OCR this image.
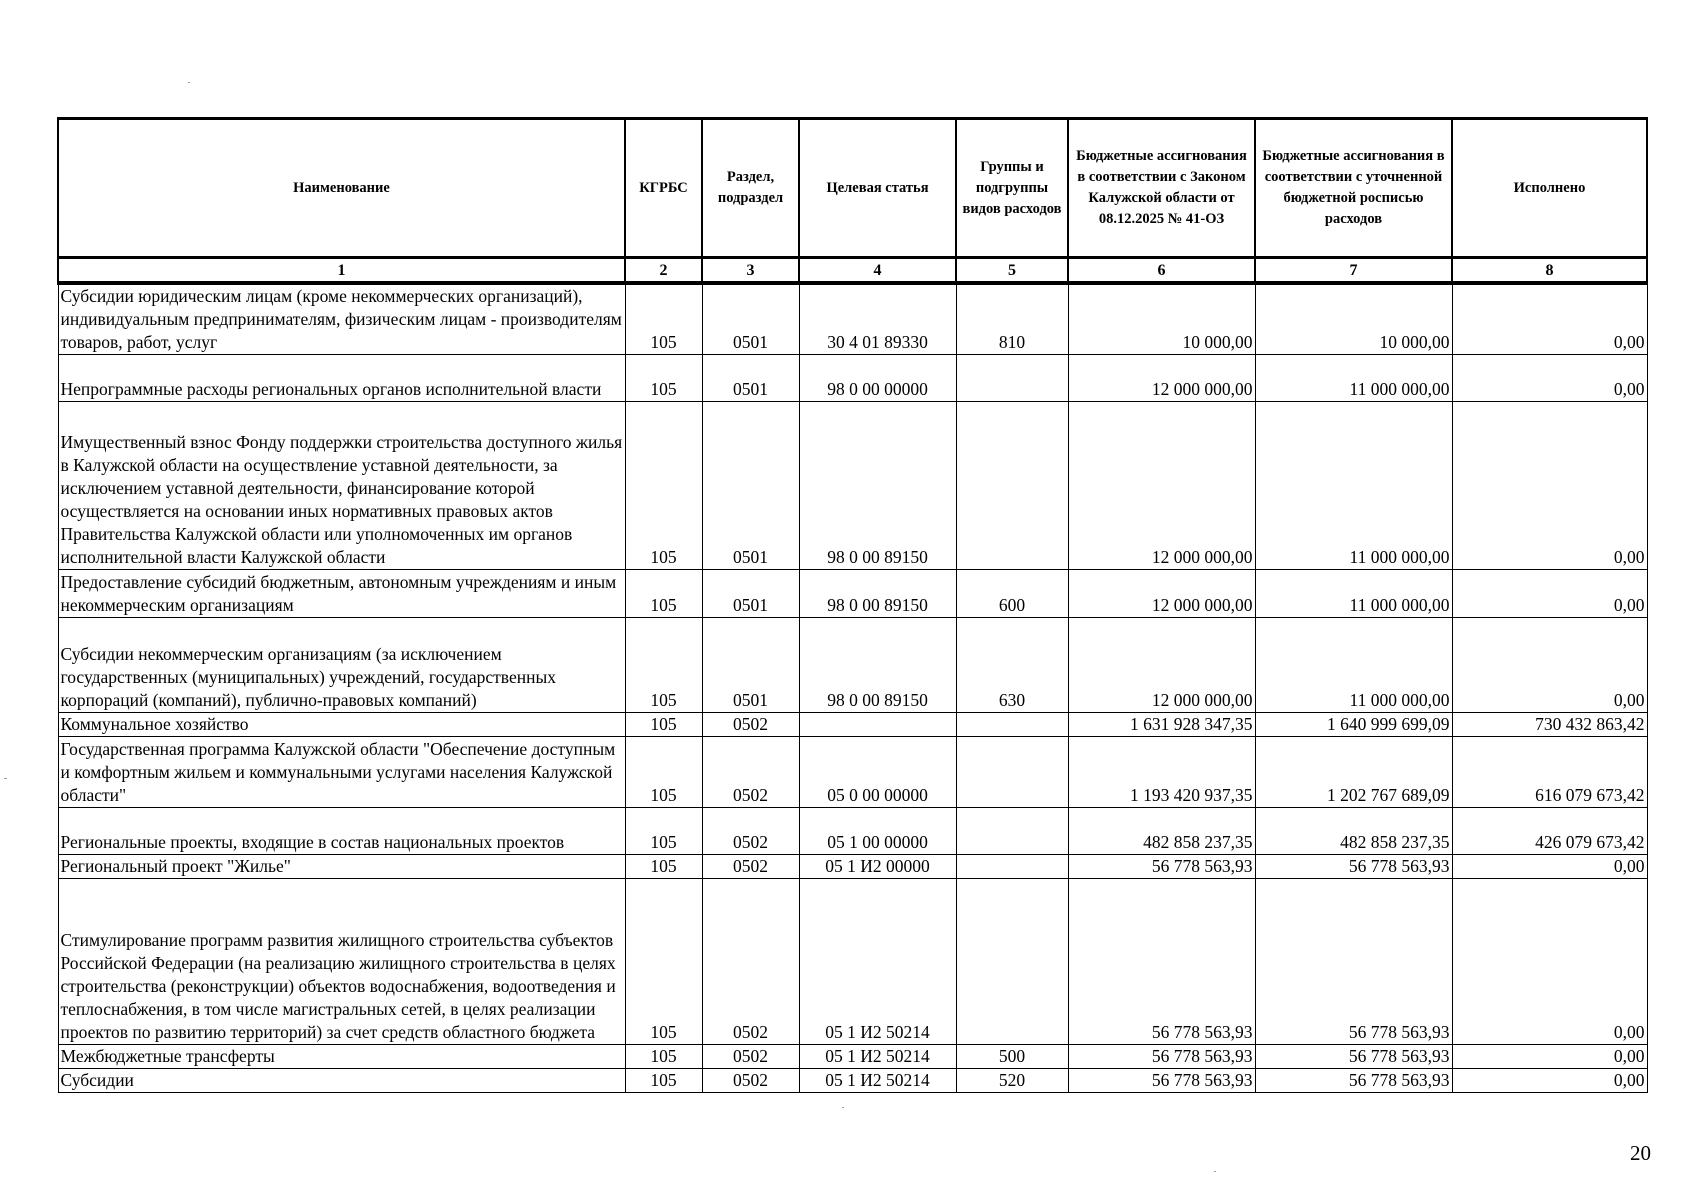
Наименование	КГРБС	Раздел, подраздел	Целевая статья	Группы и подгруппы видов расходов	Бюджетные ассигнования в соответствии с Законом Калужской области от 08.12.2025 № 41-ОЗ	Бюджетные ассигнования в соответствии с уточненной бюджетной росписью расходов	Исполнено
1	2	3	4	5	6	7	8
Субсидии юридическим лицам (кроме некоммерческих организаций), индивидуальным предпринимателям, физическим лицам - производителям товаров, работ, услуг	105	0501	30 4 01 89330	810	10 000,00	10 000,00	0,00
Непрограммные расходы региональных органов исполнительной власти	105	0501	98 0 00 00000		12 000 000,00	11 000 000,00	0,00
Имущественный взнос Фонду поддержки строительства доступного жилья в Калужской области на осуществление уставной деятельности, за исключением уставной деятельности, финансирование которой осуществляется на основании иных нормативных правовых актов Правительства Калужской области или уполномоченных им органов исполнительной власти Калужской области	105	0501	98 0 00 89150		12 000 000,00	11 000 000,00	0,00
Предоставление субсидий бюджетным, автономным учреждениям и иным некоммерческим организациям	105	0501	98 0 00 89150	600	12 000 000,00	11 000 000,00	0,00
Субсидии некоммерческим организациям (за исключением государственных (муниципальных) учреждений, государственных корпораций (компаний), публично-правовых компаний)	105	0501	98 0 00 89150	630	12 000 000,00	11 000 000,00	0,00
Коммунальное хозяйство	105	0502			1 631 928 347,35	1 640 999 699,09	730 432 863,42
Государственная программа Калужской области "Обеспечение доступным и комфортным жильем и коммунальными услугами населения Калужской области"	105	0502	05 0 00 00000		1 193 420 937,35	1 202 767 689,09	616 079 673,42
Региональные проекты, входящие в состав национальных проектов	105	0502	05 1 00 00000		482 858 237,35	482 858 237,35	426 079 673,42
Региональный проект "Жилье"	105	0502	05 1 И2 00000		56 778 563,93	56 778 563,93	0,00
Стимулирование программ развития жилищного строительства субъектов Российской Федерации (на реализацию жилищного строительства в целях строительства (реконструкции) объектов водоснабжения, водоотведения и теплоснабжения, в том числе магистральных сетей, в целях реализации проектов по развитию территорий) за счет средств областного бюджета	105	0502	05 1 И2 50214		56 778 563,93	56 778 563,93	0,00
Межбюджетные трансферты	105	0502	05 1 И2 50214	500	56 778 563,93	56 778 563,93	0,00
Субсидии	105	0502	05 1 И2 50214	520	56 778 563,93	56 778 563,93	0,00
20
